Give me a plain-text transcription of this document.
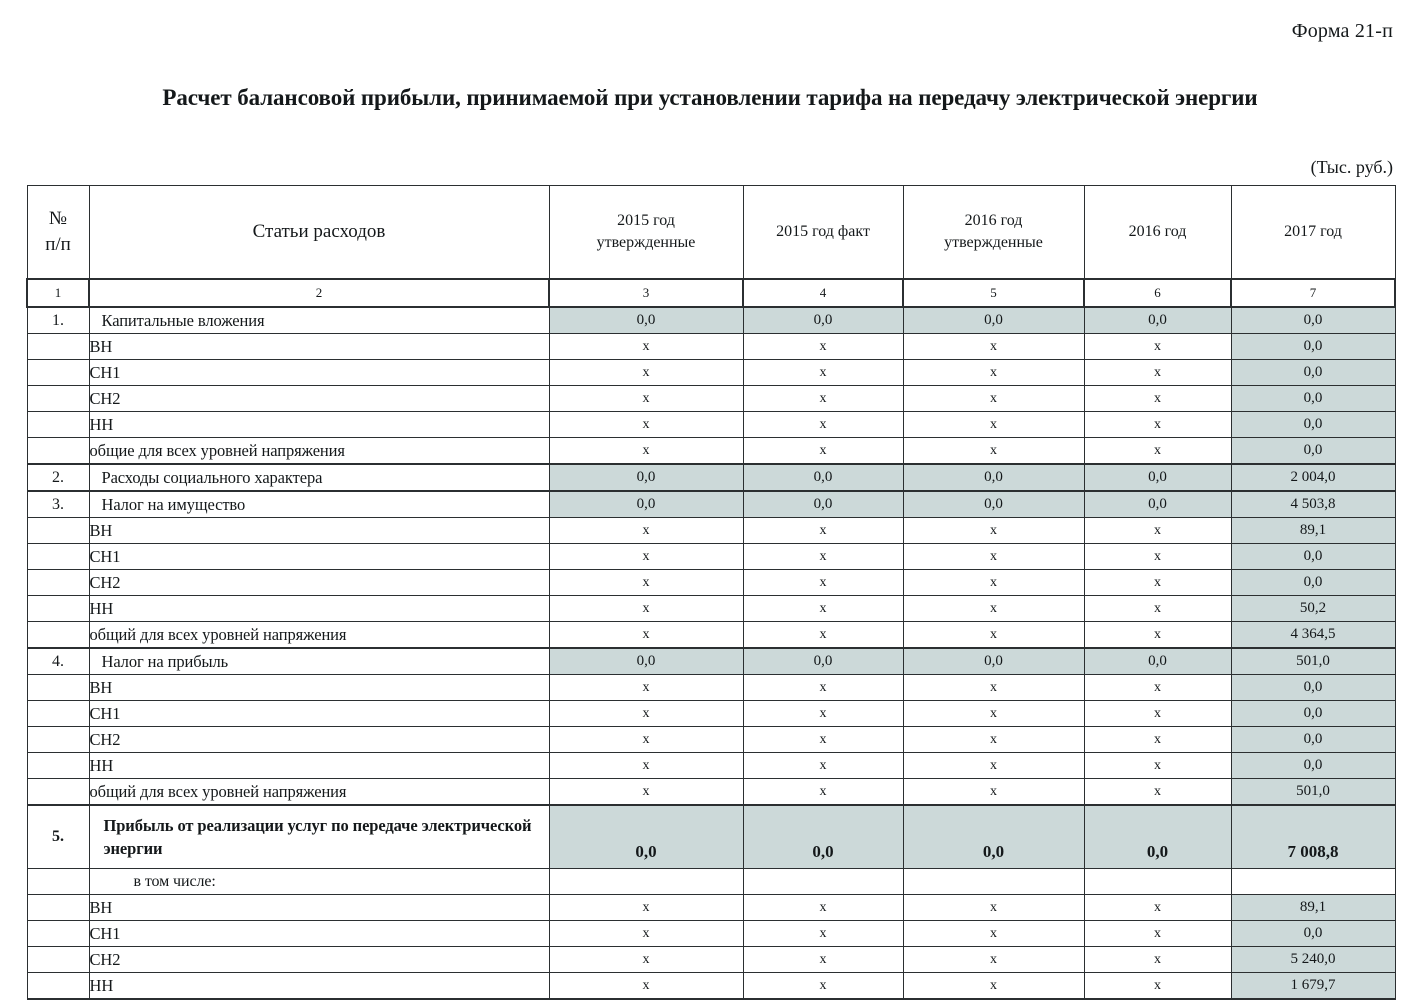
Форма 21-п
Расчет балансовой прибыли, принимаемой при установлении тарифа на передачу электрической энергии
(Тыс. руб.)
№
п/п
	Статьи расходов	
2015 год
утвержденные
	2015 год факт	
2016 год
утвержденные
	2016 год	2017 год
1	2	3	4	5	6	7
1.	Капитальные вложения	0,0	0,0	0,0	0,0	0,0
	ВН	х	х	х	х	0,0
	СН1	х	х	х	х	0,0
	СН2	х	х	х	х	0,0
	НН	х	х	х	х	0,0
	общие для всех уровней напряжения	х	х	х	х	0,0
2.	Расходы социального характера	0,0	0,0	0,0	0,0	2 004,0
3.	Налог на имущество	0,0	0,0	0,0	0,0	4 503,8
	ВН	х	х	х	х	89,1
	СН1	х	х	х	х	0,0
	СН2	х	х	х	х	0,0
	НН	х	х	х	х	50,2
	общий для всех уровней напряжения	х	х	х	х	4 364,5
4.	Налог на прибыль	0,0	0,0	0,0	0,0	501,0
	ВН	х	х	х	х	0,0
	СН1	х	х	х	х	0,0
	СН2	х	х	х	х	0,0
	НН	х	х	х	х	0,0
	общий для всех уровней напряжения	х	х	х	х	501,0
5.	Прибыль от реализации услуг по передаче электрической энергии	0,0	0,0	0,0	0,0	7 008,8
	в том числе:					
	ВН	х	х	х	х	89,1
	СН1	х	х	х	х	0,0
	СН2	х	х	х	х	5 240,0
	НН	х	х	х	х	1 679,7
